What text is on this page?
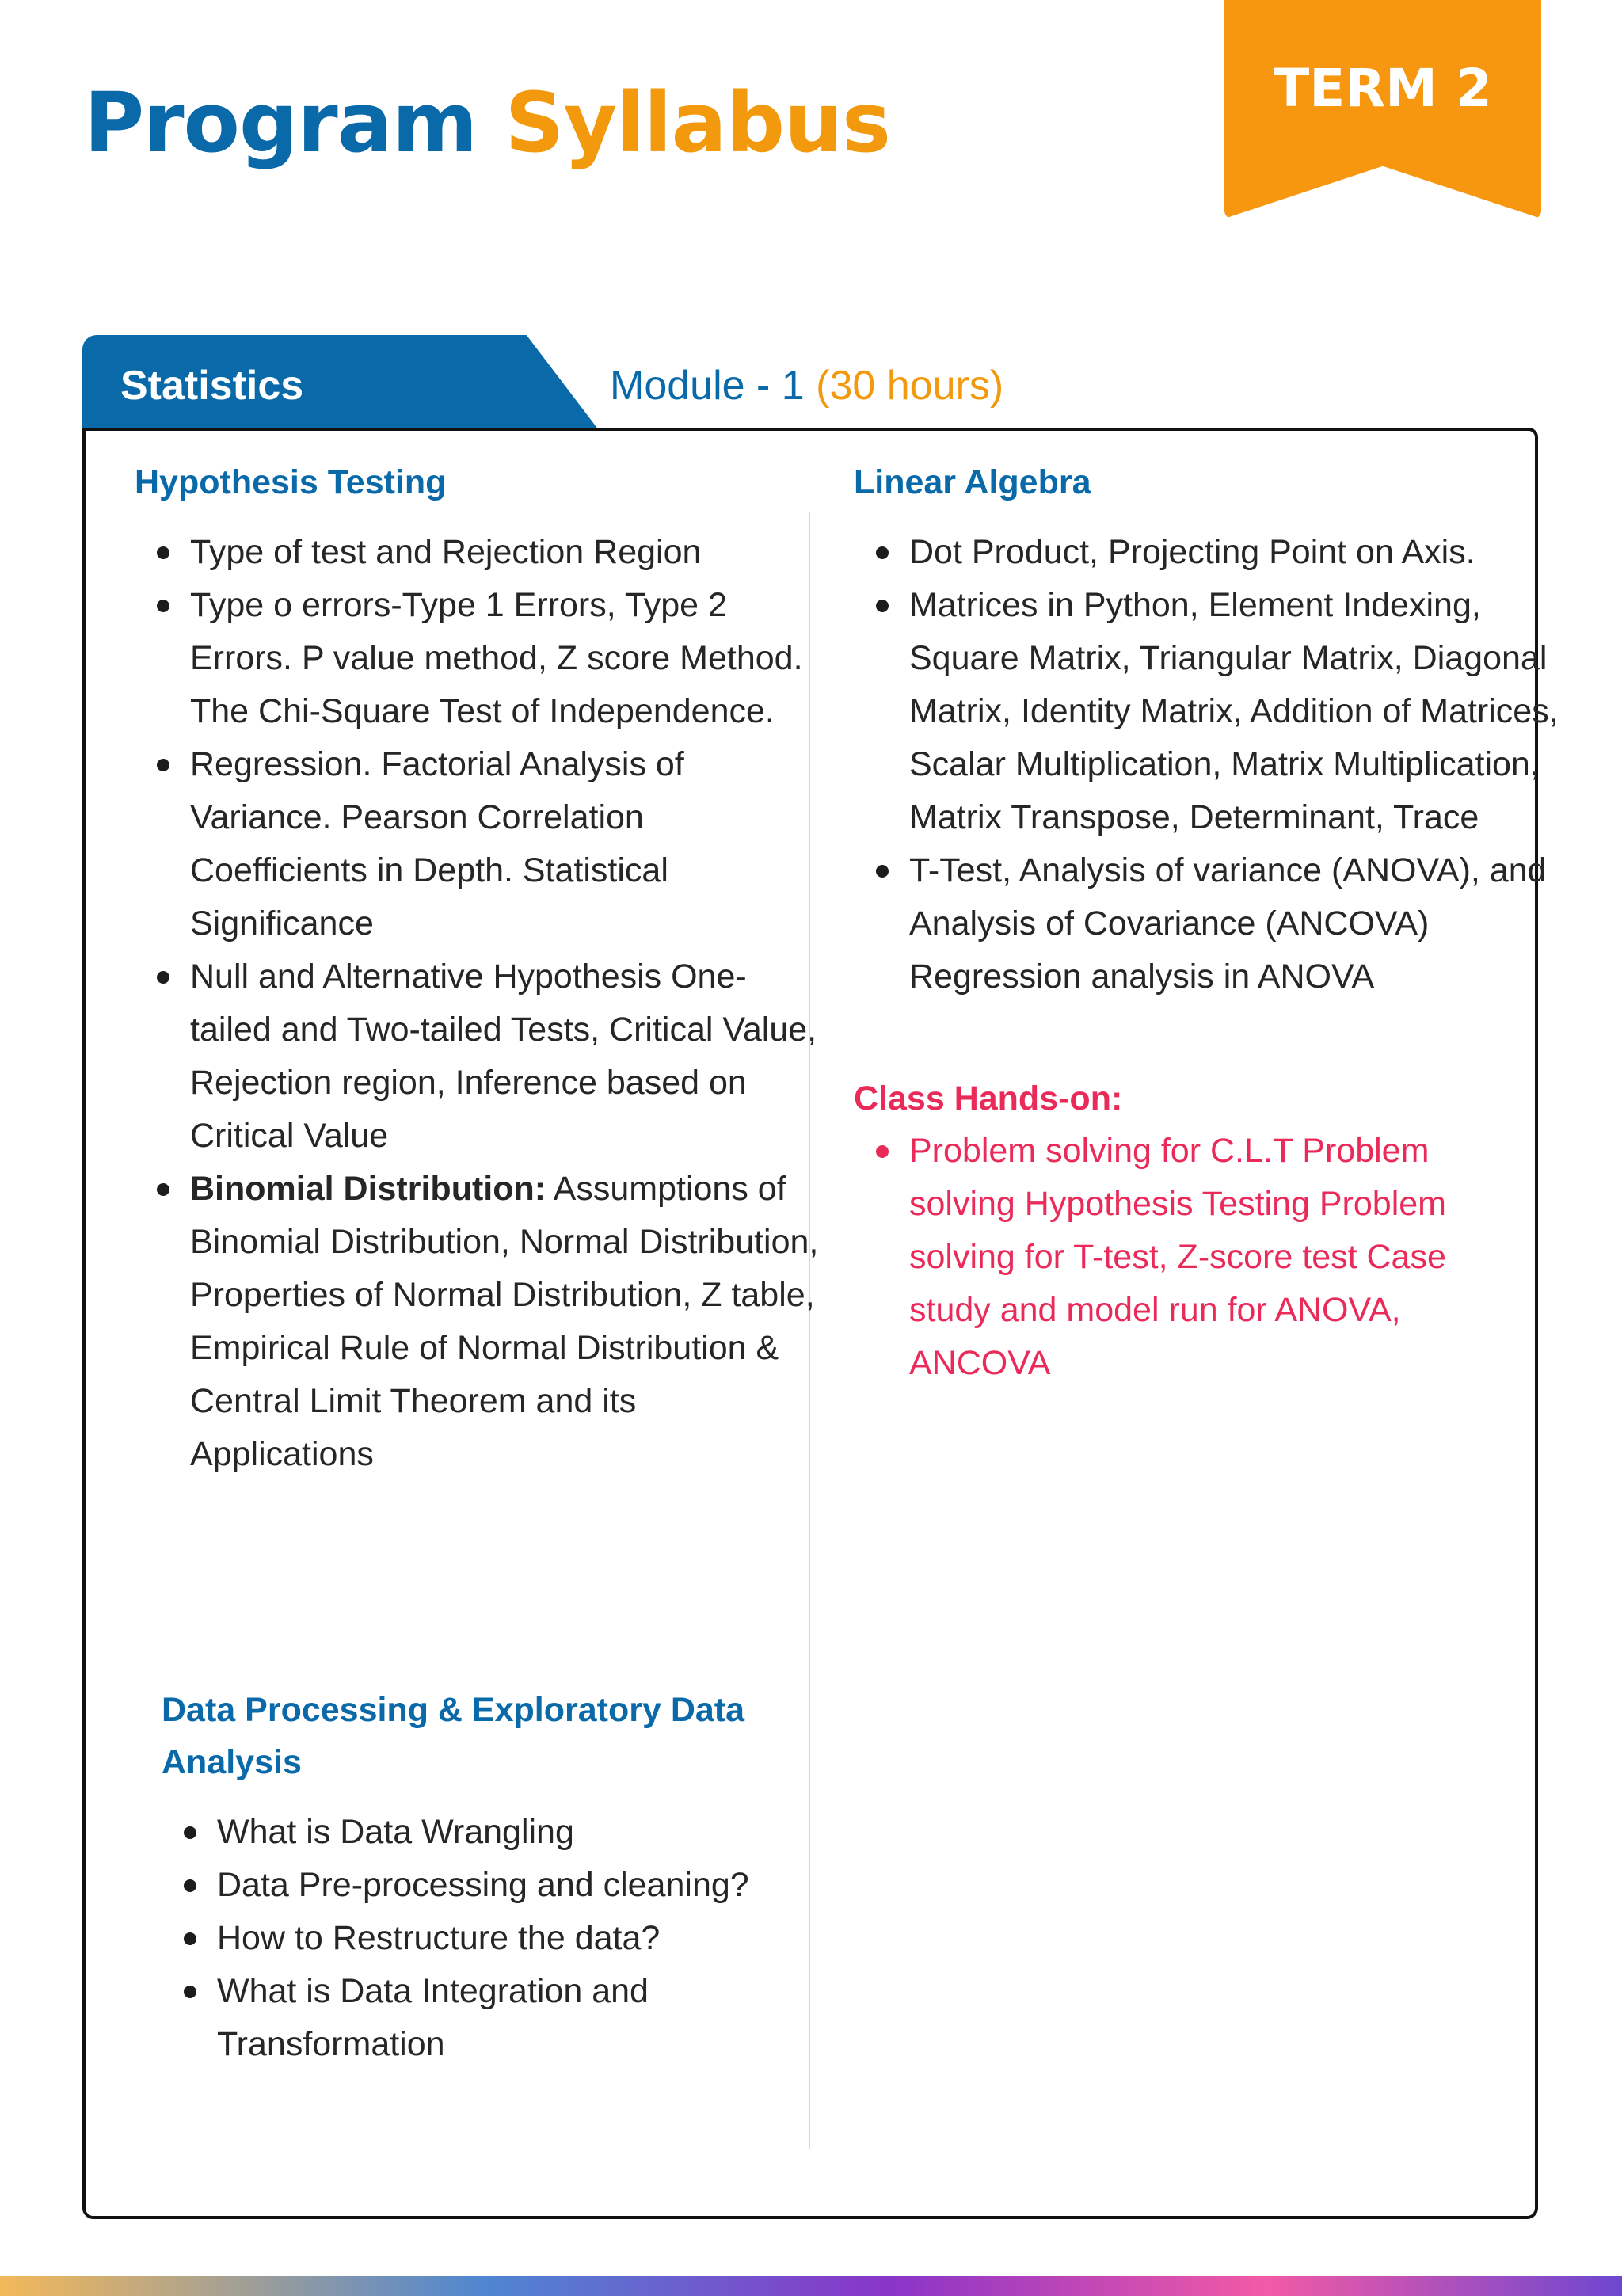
Program Syllabus	TERM 2
Statistics	Module - 1 (30 hours)
Hypothesis Testing
Type of test and Rejection Region
Type o errors-Type 1 Errors, Type 2 Errors. P value method, Z score Method. The Chi-Square Test of Independence.
Regression. Factorial Analysis of Variance. Pearson Correlation Coefficients in Depth. Statistical Significance
Null and Alternative Hypothesis One-tailed and Two-tailed Tests, Critical Value, Rejection region, Inference based on Critical Value
Binomial Distribution: Assumptions of Binomial Distribution, Normal Distribution, Properties of Normal Distribution, Z table, Empirical Rule of Normal Distribution & Central Limit Theorem and its Applications
Data Processing & Exploratory Data Analysis
What is Data Wrangling
Data Pre-processing and cleaning?
How to Restructure the data?
What is Data Integration and Transformation
Linear Algebra
Dot Product, Projecting Point on Axis.
Matrices in Python, Element Indexing, Square Matrix, Triangular Matrix, Diagonal Matrix, Identity Matrix, Addition of Matrices, Scalar Multiplication, Matrix Multiplication, Matrix Transpose, Determinant, Trace
T-Test, Analysis of variance (ANOVA), and Analysis of Covariance (ANCOVA) Regression analysis in ANOVA
Class Hands-on:
Problem solving for C.L.T Problem solving Hypothesis Testing Problem solving for T-test, Z-score test Case study and model run for ANOVA, ANCOVA
